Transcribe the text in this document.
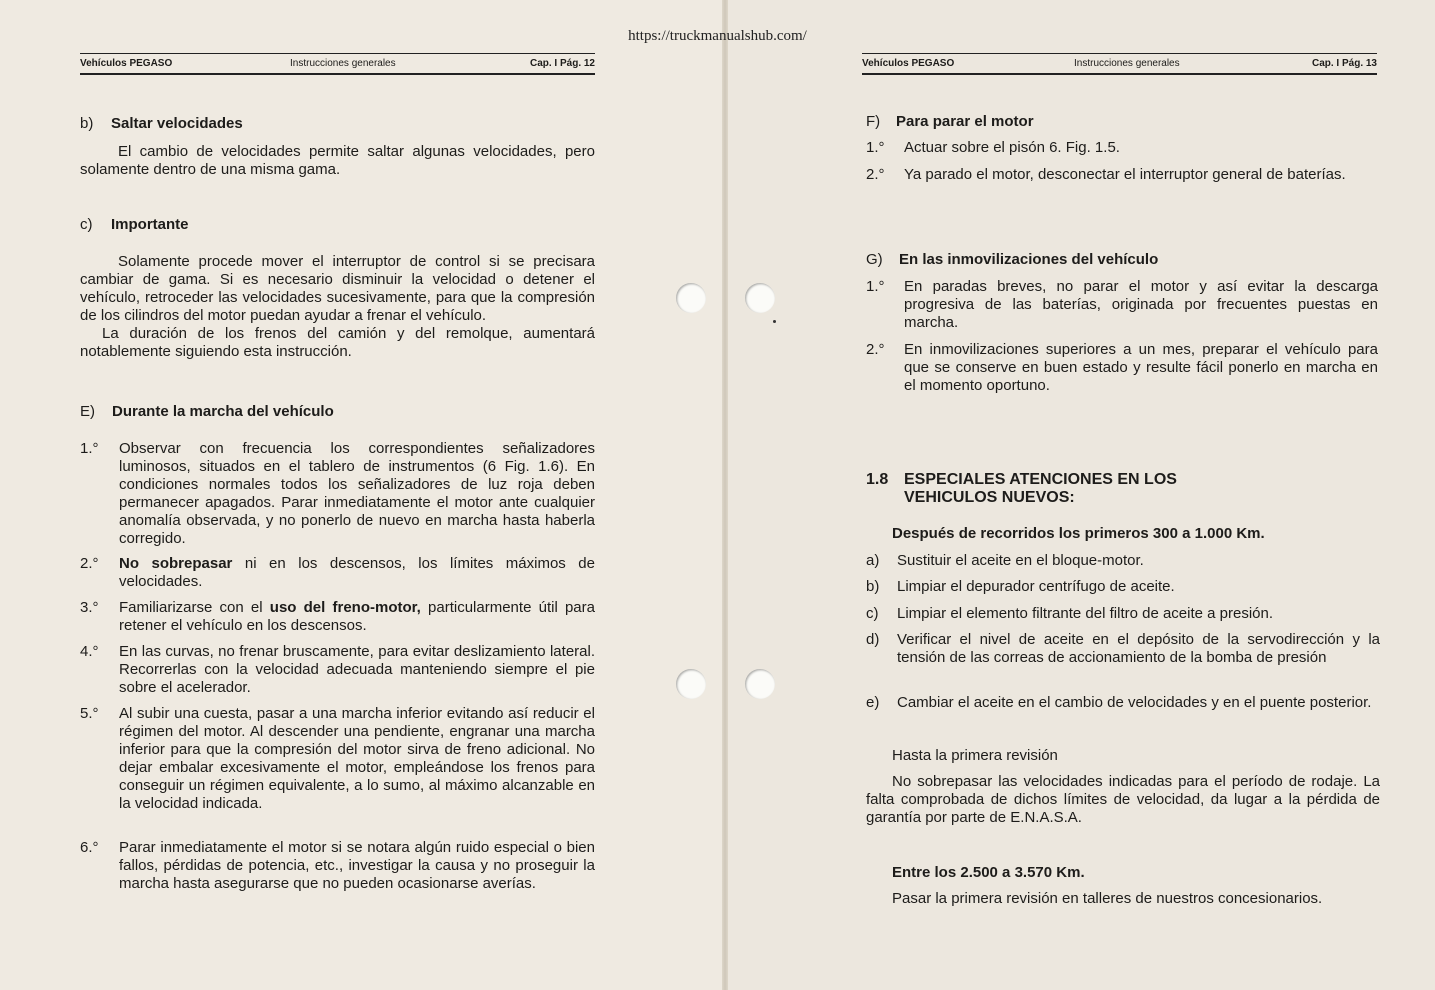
https://truckmanualshub.com/
Vehículos PEGASO	Instrucciones generales	Cap. I Pág. 12
b) Saltar velocidades

El cambio de velocidades permite saltar algunas velocidades, pero solamente dentro de una misma gama.

c) Importante

Solamente procede mover el interruptor de control si se precisara cambiar de gama. Si es necesario disminuir la velocidad o detener el vehículo, retroceder las velocidades sucesivamente, para que la compresión de los cilindros del motor puedan ayudar a frenar el vehículo.

La duración de los frenos del camión y del remolque, aumentará notablemente siguiendo esta instrucción.

E) Durante la marcha del vehículo
1.° Observar con frecuencia los correspondientes señalizadores luminosos, situados en el tablero de instrumentos (6 Fig. 1.6). En condiciones normales todos los señalizadores de luz roja deben permanecer apagados. Parar inmediatamente el motor ante cualquier anomalía observada, y no ponerlo de nuevo en marcha hasta haberla corregido.

2.° No sobrepasar ni en los descensos, los límites máximos de velocidades.

3.° Familiarizarse con el uso del freno-motor, particularmente útil para retener el vehículo en los descensos.

4.° En las curvas, no frenar bruscamente, para evitar deslizamiento lateral. Recorrerlas con la velocidad adecuada manteniendo siempre el pie sobre el acelerador.

5.° Al subir una cuesta, pasar a una marcha inferior evitando así reducir el régimen del motor. Al descender una pendiente, engranar una marcha inferior para que la compresión del motor sirva de freno adicional. No dejar embalar excesivamente el motor, empleándose los frenos para conseguir un régimen equivalente, a lo sumo, al máximo alcanzable en la velocidad indicada.

6.° Parar inmediatamente el motor si se notara algún ruido especial o bien fallos, pérdidas de potencia, etc., investigar la causa y no proseguir la marcha hasta asegurarse que no pueden ocasionarse averías.

Vehículos PEGASO	Instrucciones generales	Cap. I Pág. 13
F) Para parar el motor
1.° Actuar sobre el pisón 6. Fig. 1.5.

2.° Ya parado el motor, desconectar el interruptor general de baterías.

G) En las inmovilizaciones del vehículo
1.° En paradas breves, no parar el motor y así evitar la descarga progresiva de las baterías, originada por frecuentes puestas en marcha.

2.° En inmovilizaciones superiores a un mes, preparar el vehículo para que se conserve en buen estado y resulte fácil ponerlo en marcha en el momento oportuno.

1.8 ESPECIALES ATENCIONES EN LOS VEHICULOS NUEVOS:
Después de recorridos los primeros 300 a 1.000 Km.
a) Sustituir el aceite en el bloque-motor.

b) Limpiar el depurador centrífugo de aceite.

c) Limpiar el elemento filtrante del filtro de aceite a presión.

d) Verificar el nivel de aceite en el depósito de la servodirección y la tensión de las correas de accionamiento de la bomba de presión

e) Cambiar el aceite en el cambio de velocidades y en el puente posterior.

Hasta la primera revisión

No sobrepasar las velocidades indicadas para el período de rodaje. La falta comprobada de dichos límites de velocidad, da lugar a la pérdida de garantía por parte de E.N.A.S.A.

Entre los 2.500 a 3.570 Km.

Pasar la primera revisión en talleres de nuestros concesionarios.
